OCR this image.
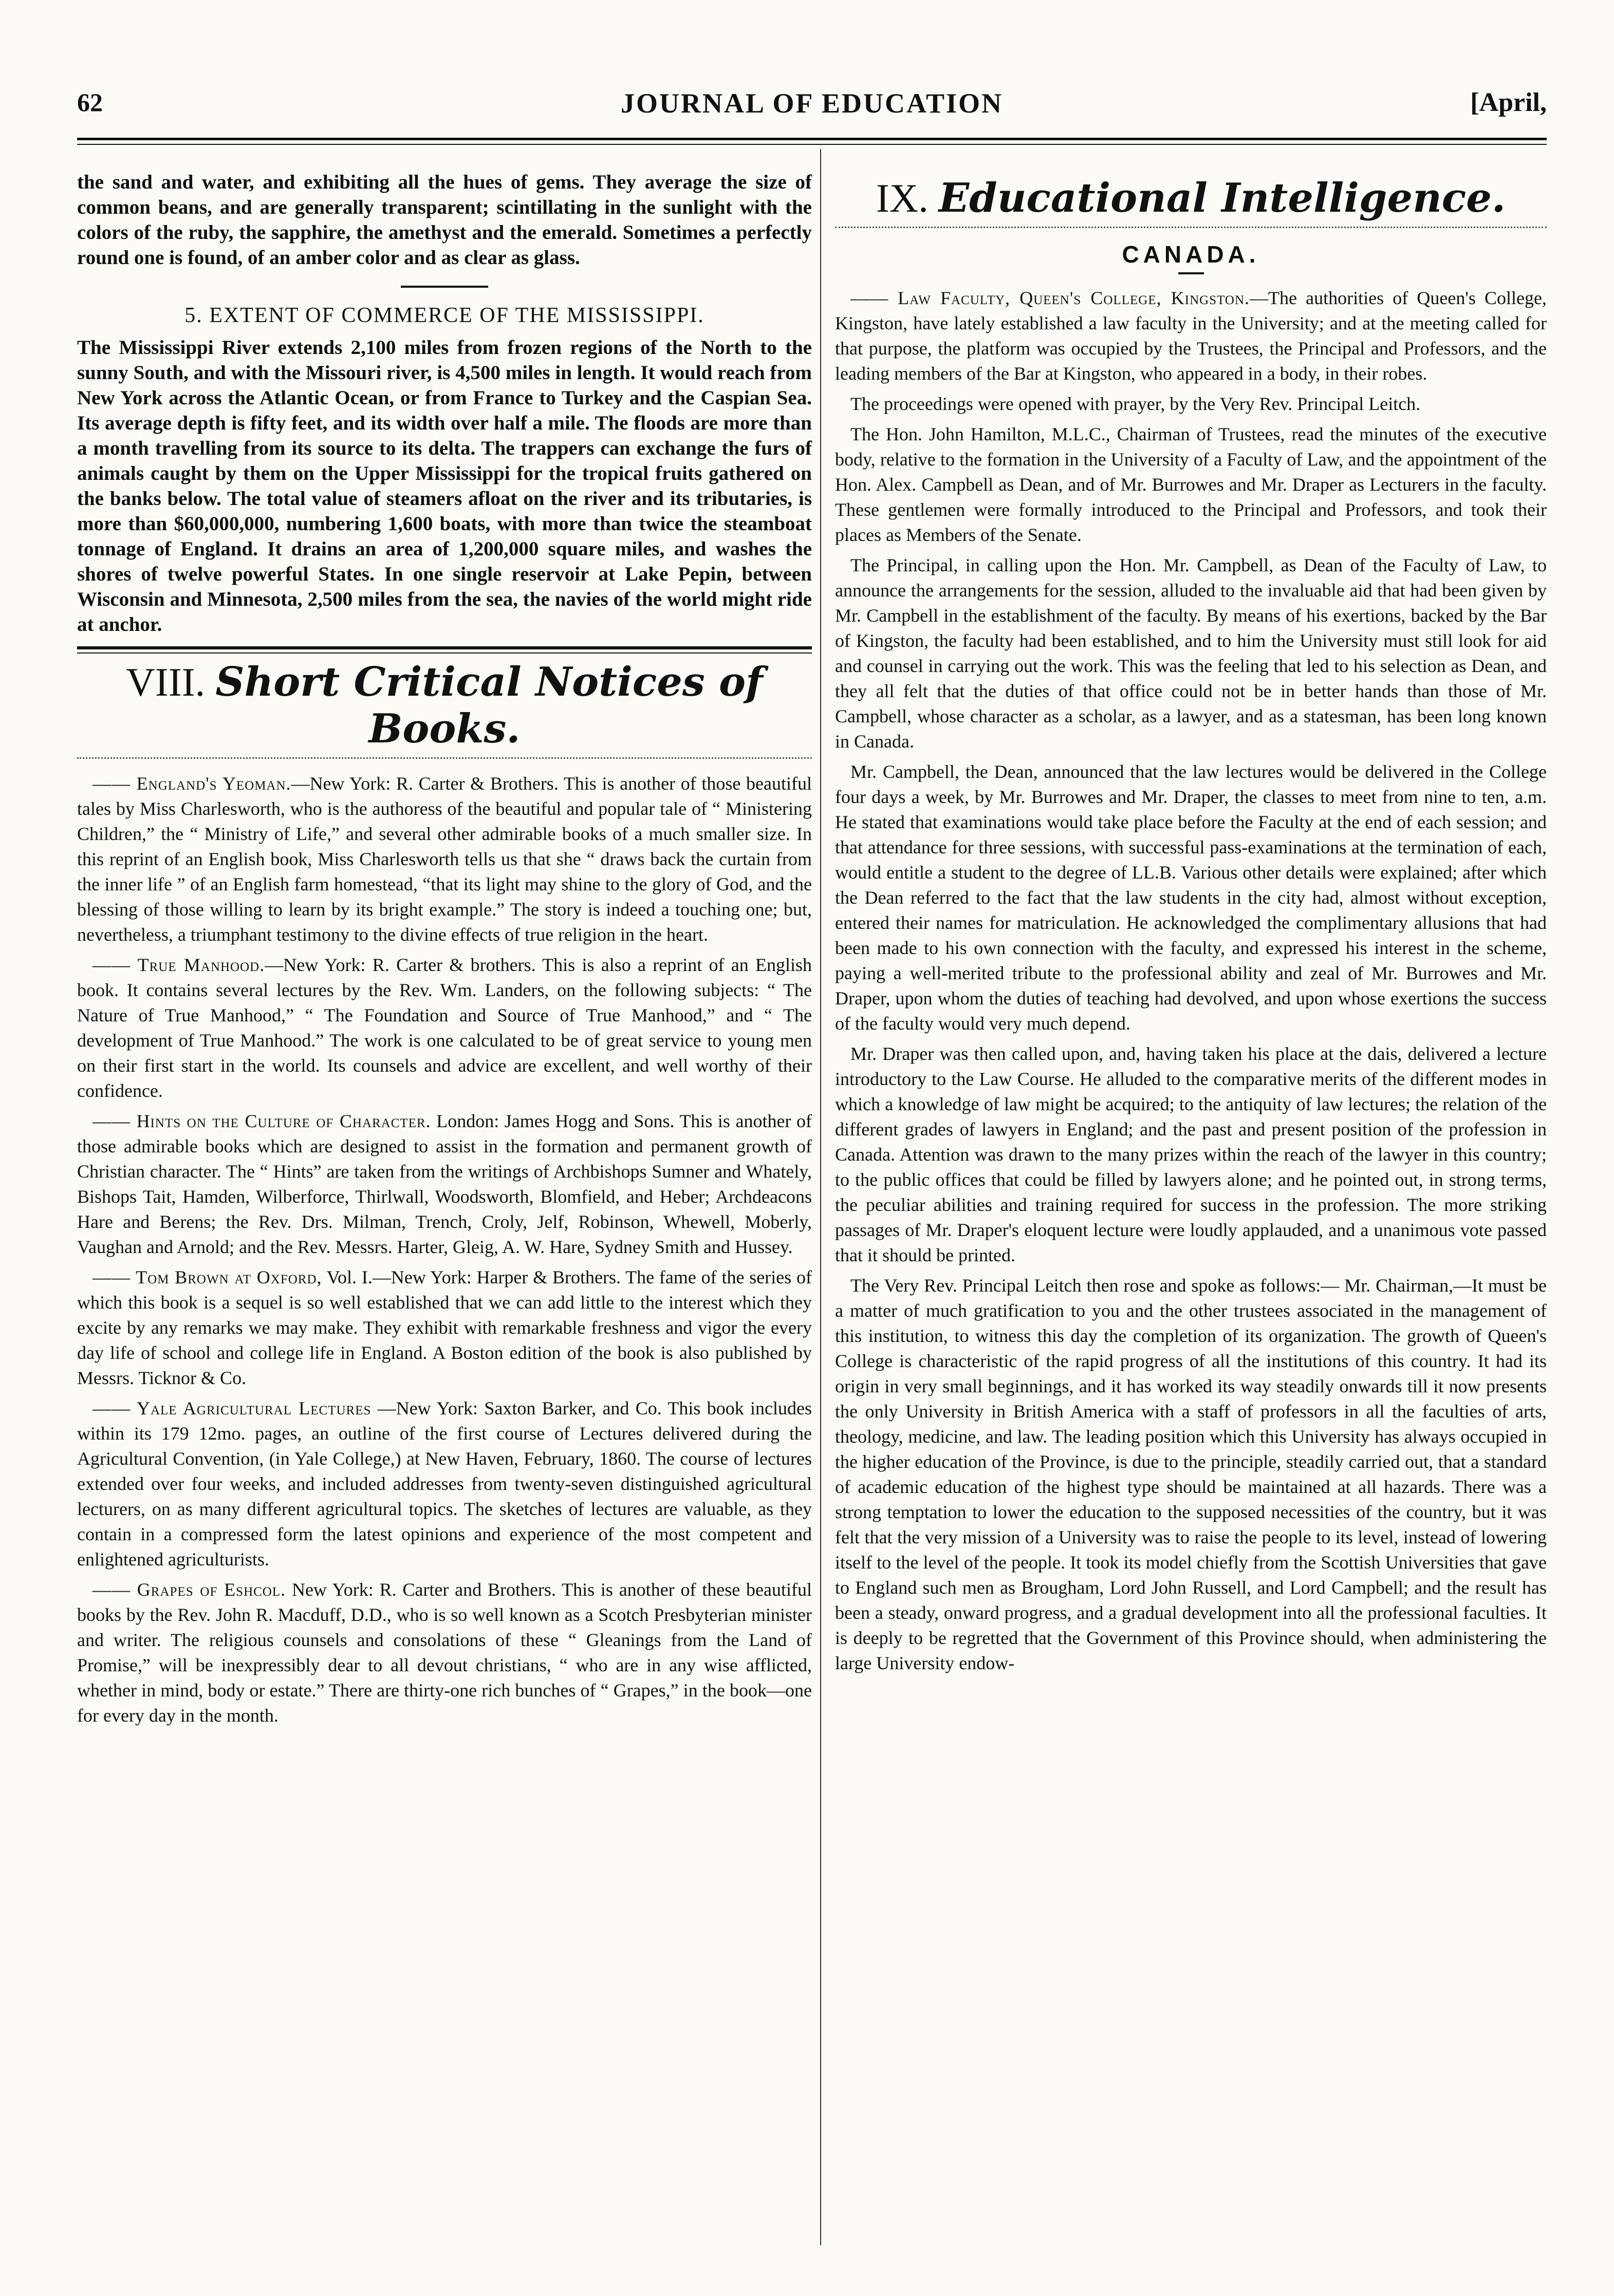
62	JOURNAL OF EDUCATION	[April,

the sand and water, and exhibiting all the hues of gems. They average the size of common beans, and are generally transparent; scintillating in the sunlight with the colors of the ruby, the sapphire, the amethyst and the emerald. Sometimes a perfectly round one is found, of an amber color and as clear as glass.

5. EXTENT OF COMMERCE OF THE MISSISSIPPI.

The Mississippi River extends 2,100 miles from frozen regions of the North to the sunny South, and with the Missouri river, is 4,500 miles in length. It would reach from New York across the Atlantic Ocean, or from France to Turkey and the Caspian Sea. Its average depth is fifty feet, and its width over half a mile. The floods are more than a month travelling from its source to its delta. The trappers can exchange the furs of animals caught by them on the Upper Mississippi for the tropical fruits gathered on the banks below. The total value of steamers afloat on the river and its tributaries, is more than $60,000,000, numbering 1,600 boats, with more than twice the steamboat tonnage of England. It drains an area of 1,200,000 square miles, and washes the shores of twelve powerful States. In one single reservoir at Lake Pepin, between Wisconsin and Minnesota, 2,500 miles from the sea, the navies of the world might ride at anchor.

VIII. Short Critical Notices of Books.

—— England's Yeoman.—New York: R. Carter & Brothers. This is another of those beautiful tales by Miss Charlesworth, who is the authoress of the beautiful and popular tale of “ Ministering Children,” the “ Ministry of Life,” and several other admirable books of a much smaller size. In this reprint of an English book, Miss Charlesworth tells us that she “ draws back the curtain from the inner life ” of an English farm homestead, “that its light may shine to the glory of God, and the blessing of those willing to learn by its bright example.” The story is indeed a touching one; but, nevertheless, a triumphant testimony to the divine effects of true religion in the heart.

—— True Manhood.—New York: R. Carter & brothers. This is also a reprint of an English book. It contains several lectures by the Rev. Wm. Landers, on the following subjects: “ The Nature of True Manhood,” “ The Foundation and Source of True Manhood,” and “ The development of True Manhood.” The work is one calculated to be of great service to young men on their first start in the world. Its counsels and advice are excellent, and well worthy of their confidence.

—— Hints on the Culture of Character. London: James Hogg and Sons. This is another of those admirable books which are designed to assist in the formation and permanent growth of Christian character. The “ Hints” are taken from the writings of Archbishops Sumner and Whately, Bishops Tait, Hamden, Wilberforce, Thirlwall, Woodsworth, Blomfield, and Heber; Archdeacons Hare and Berens; the Rev. Drs. Milman, Trench, Croly, Jelf, Robinson, Whewell, Moberly, Vaughan and Arnold; and the Rev. Messrs. Harter, Gleig, A. W. Hare, Sydney Smith and Hussey.

—— Tom Brown at Oxford, Vol. I.—New York: Harper & Brothers. The fame of the series of which this book is a sequel is so well established that we can add little to the interest which they excite by any remarks we may make. They exhibit with remarkable freshness and vigor the every day life of school and college life in England. A Boston edition of the book is also published by Messrs. Ticknor & Co.

—— Yale Agricultural Lectures —New York: Saxton Barker, and Co. This book includes within its 179 12mo. pages, an outline of the first course of Lectures delivered during the Agricultural Convention, (in Yale College,) at New Haven, February, 1860. The course of lectures extended over four weeks, and included addresses from twenty-seven distinguished agricultural lecturers, on as many different agricultural topics. The sketches of lectures are valuable, as they contain in a compressed form the latest opinions and experience of the most competent and enlightened agriculturists.

—— Grapes of Eshcol. New York: R. Carter and Brothers. This is another of these beautiful books by the Rev. John R. Macduff, D.D., who is so well known as a Scotch Presbyterian minister and writer. The religious counsels and consolations of these “ Gleanings from the Land of Promise,” will be inexpressibly dear to all devout christians, “ who are in any wise afflicted, whether in mind, body or estate.” There are thirty-one rich bunches of “ Grapes,” in the book—one for every day in the month.

IX. Educational Intelligence.
CANADA.

—— Law Faculty, Queen's College, Kingston.—The authorities of Queen's College, Kingston, have lately established a law faculty in the University; and at the meeting called for that purpose, the platform was occupied by the Trustees, the Principal and Professors, and the leading members of the Bar at Kingston, who appeared in a body, in their robes.

The proceedings were opened with prayer, by the Very Rev. Principal Leitch.

The Hon. John Hamilton, M.L.C., Chairman of Trustees, read the minutes of the executive body, relative to the formation in the University of a Faculty of Law, and the appointment of the Hon. Alex. Campbell as Dean, and of Mr. Burrowes and Mr. Draper as Lecturers in the faculty. These gentlemen were formally introduced to the Principal and Professors, and took their places as Members of the Senate.

The Principal, in calling upon the Hon. Mr. Campbell, as Dean of the Faculty of Law, to announce the arrangements for the session, alluded to the invaluable aid that had been given by Mr. Campbell in the establishment of the faculty. By means of his exertions, backed by the Bar of Kingston, the faculty had been established, and to him the University must still look for aid and counsel in carrying out the work. This was the feeling that led to his selection as Dean, and they all felt that the duties of that office could not be in better hands than those of Mr. Campbell, whose character as a scholar, as a lawyer, and as a statesman, has been long known in Canada.

Mr. Campbell, the Dean, announced that the law lectures would be delivered in the College four days a week, by Mr. Burrowes and Mr. Draper, the classes to meet from nine to ten, a.m. He stated that examinations would take place before the Faculty at the end of each session; and that attendance for three sessions, with successful pass-examinations at the termination of each, would entitle a student to the degree of LL.B. Various other details were explained; after which the Dean referred to the fact that the law students in the city had, almost without exception, entered their names for matriculation. He acknowledged the complimentary allusions that had been made to his own connection with the faculty, and expressed his interest in the scheme, paying a well-merited tribute to the professional ability and zeal of Mr. Burrowes and Mr. Draper, upon whom the duties of teaching had devolved, and upon whose exertions the success of the faculty would very much depend.

Mr. Draper was then called upon, and, having taken his place at the dais, delivered a lecture introductory to the Law Course. He alluded to the comparative merits of the different modes in which a knowledge of law might be acquired; to the antiquity of law lectures; the relation of the different grades of lawyers in England; and the past and present position of the profession in Canada. Attention was drawn to the many prizes within the reach of the lawyer in this country; to the public offices that could be filled by lawyers alone; and he pointed out, in strong terms, the peculiar abilities and training required for success in the profession. The more striking passages of Mr. Draper's eloquent lecture were loudly applauded, and a unanimous vote passed that it should be printed.

The Very Rev. Principal Leitch then rose and spoke as follows:— Mr. Chairman,—It must be a matter of much gratification to you and the other trustees associated in the management of this institution, to witness this day the completion of its organization. The growth of Queen's College is characteristic of the rapid progress of all the institutions of this country. It had its origin in very small beginnings, and it has worked its way steadily onwards till it now presents the only University in British America with a staff of professors in all the faculties of arts, theology, medicine, and law. The leading position which this University has always occupied in the higher education of the Province, is due to the principle, steadily carried out, that a standard of academic education of the highest type should be maintained at all hazards. There was a strong temptation to lower the education to the supposed necessities of the country, but it was felt that the very mission of a University was to raise the people to its level, instead of lowering itself to the level of the people. It took its model chiefly from the Scottish Universities that gave to England such men as Brougham, Lord John Russell, and Lord Campbell; and the result has been a steady, onward progress, and a gradual development into all the professional faculties. It is deeply to be regretted that the Government of this Province should, when administering the large University endow-
